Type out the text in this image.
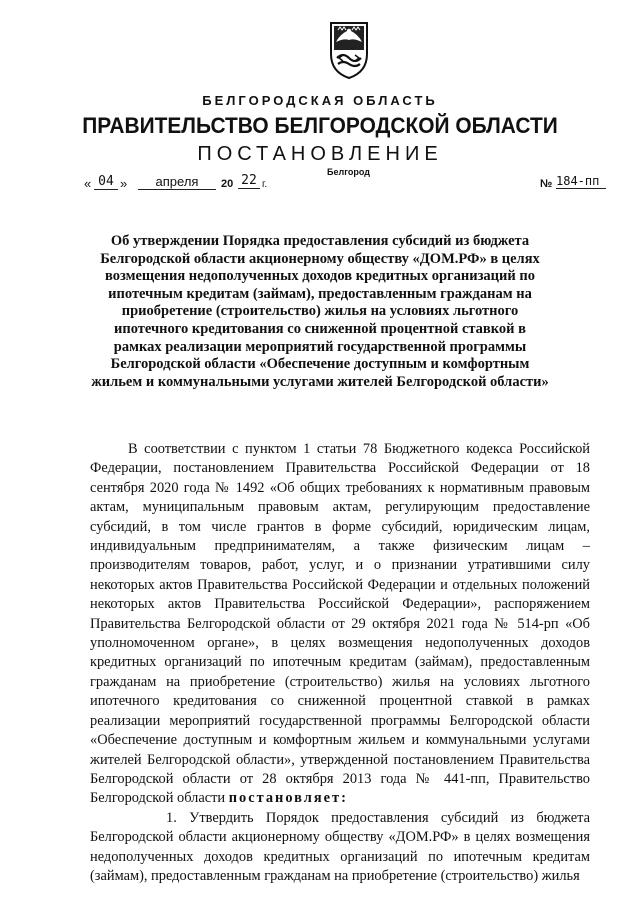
БЕЛГОРОДСКАЯ ОБЛАСТЬ
ПРАВИТЕЛЬСТВО БЕЛГОРОДСКОЙ ОБЛАСТИ
ПОСТАНОВЛЕНИЕ
Белгород
« 04 »	апреля	20 22 г.	№ 184-пп
Об утверждении Порядка предоставления субсидий из бюджета Белгородской области акционерному обществу «ДОМ.РФ» в целях возмещения недополученных доходов кредитных организаций по ипотечным кредитам (займам), предоставленным гражданам на приобретение (строительство) жилья на условиях льготного ипотечного кредитования со сниженной процентной ставкой в рамках реализации мероприятий государственной программы Белгородской области «Обеспечение доступным и комфортным жильем и коммунальными услугами жителей Белгородской области»

В соответствии с пунктом 1 статьи 78 Бюджетного кодекса Российской Федерации, постановлением Правительства Российской Федерации от 18 сентября 2020 года № 1492 «Об общих требованиях к нормативным правовым актам, муниципальным правовым актам, регулирующим предоставление субсидий, в том числе грантов в форме субсидий, юридическим лицам, индивидуальным предпринимателям, а также физическим лицам – производителям товаров, работ, услуг, и о признании утратившими силу некоторых актов Правительства Российской Федерации и отдельных положений некоторых актов Правительства Российской Федерации», распоряжением Правительства Белгородской области от 29 октября 2021 года № 514-рп «Об уполномоченном органе», в целях возмещения недополученных доходов кредитных организаций по ипотечным кредитам (займам), предоставленным гражданам на приобретение (строительство) жилья на условиях льготного ипотечного кредитования со сниженной процентной ставкой в рамках реализации мероприятий государственной программы Белгородской области «Обеспечение доступным и комфортным жильем и коммунальными услугами жителей Белгородской области», утвержденной постановлением Правительства Белгородской области от 28 октября 2013 года № 441-пп, Правительство Белгородской области постановляет:

1. Утвердить Порядок предоставления субсидий из бюджета Белгородской области акционерному обществу «ДОМ.РФ» в целях возмещения недополученных доходов кредитных организаций по ипотечным кредитам (займам), предоставленным гражданам на приобретение (строительство) жилья
